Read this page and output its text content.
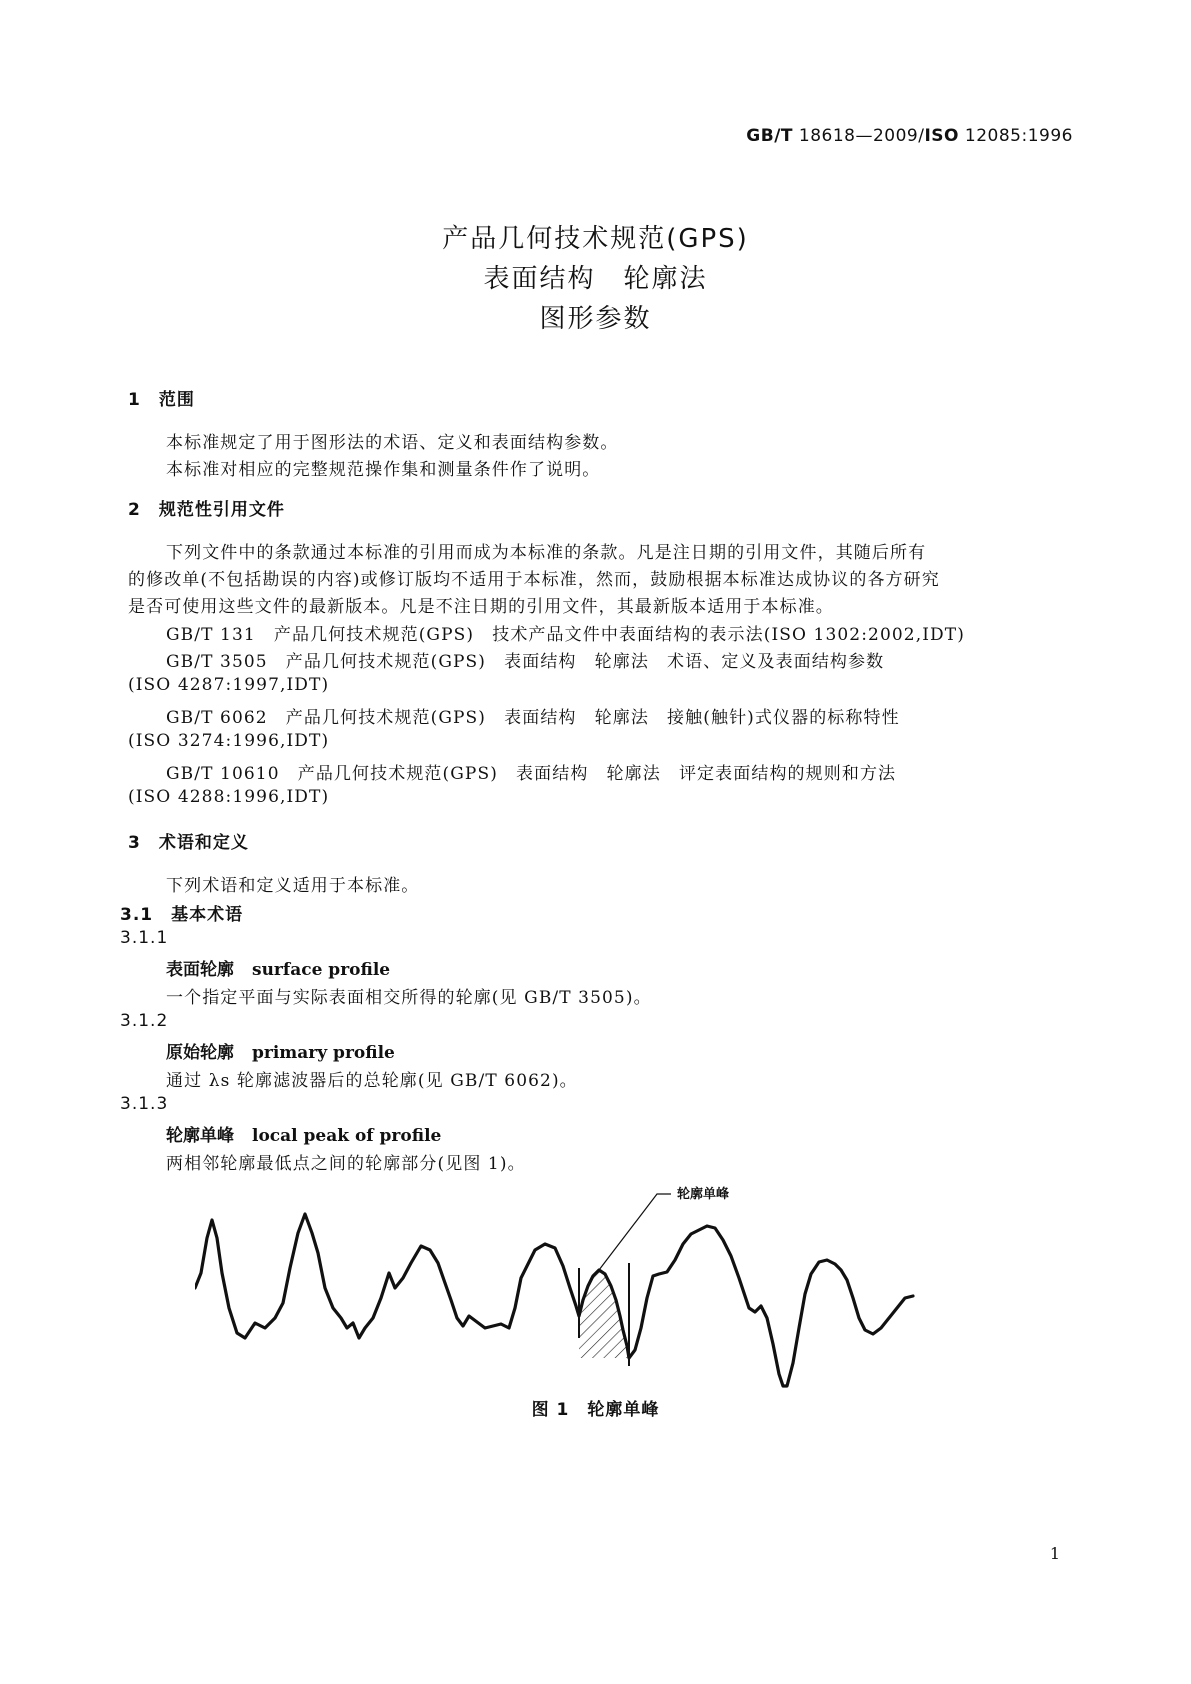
GB/T 18618—2009/ISO 12085:1996
产品几何技术规范(GPS)
表面结构　轮廓法
图形参数
1　范围
本标准规定了用于图形法的术语、定义和表面结构参数。
本标准对相应的完整规范操作集和测量条件作了说明。
2　规范性引用文件
下列文件中的条款通过本标准的引用而成为本标准的条款。凡是注日期的引用文件，其随后所有
的修改单(不包括勘误的内容)或修订版均不适用于本标准，然而，鼓励根据本标准达成协议的各方研究
是否可使用这些文件的最新版本。凡是不注日期的引用文件，其最新版本适用于本标准。
GB/T 131　产品几何技术规范(GPS)　技术产品文件中表面结构的表示法(ISO 1302:2002,IDT)
GB/T 3505　产品几何技术规范(GPS)　表面结构　轮廓法　术语、定义及表面结构参数
(ISO 4287:1997,IDT)
GB/T 6062　产品几何技术规范(GPS)　表面结构　轮廓法　接触(触针)式仪器的标称特性
(ISO 3274:1996,IDT)
GB/T 10610　产品几何技术规范(GPS)　表面结构　轮廓法　评定表面结构的规则和方法
(ISO 4288:1996,IDT)
3　术语和定义
下列术语和定义适用于本标准。
3.1　基本术语
3.1.1
表面轮廓 surface profile
一个指定平面与实际表面相交所得的轮廓(见 GB/T 3505)。
3.1.2
原始轮廓 primary profile
通过 λs 轮廓滤波器后的总轮廓(见 GB/T 6062)。
3.1.3
轮廓单峰 local peak of profile
两相邻轮廓最低点之间的轮廓部分(见图 1)。
轮廓单峰
图 1　轮廓单峰
1
